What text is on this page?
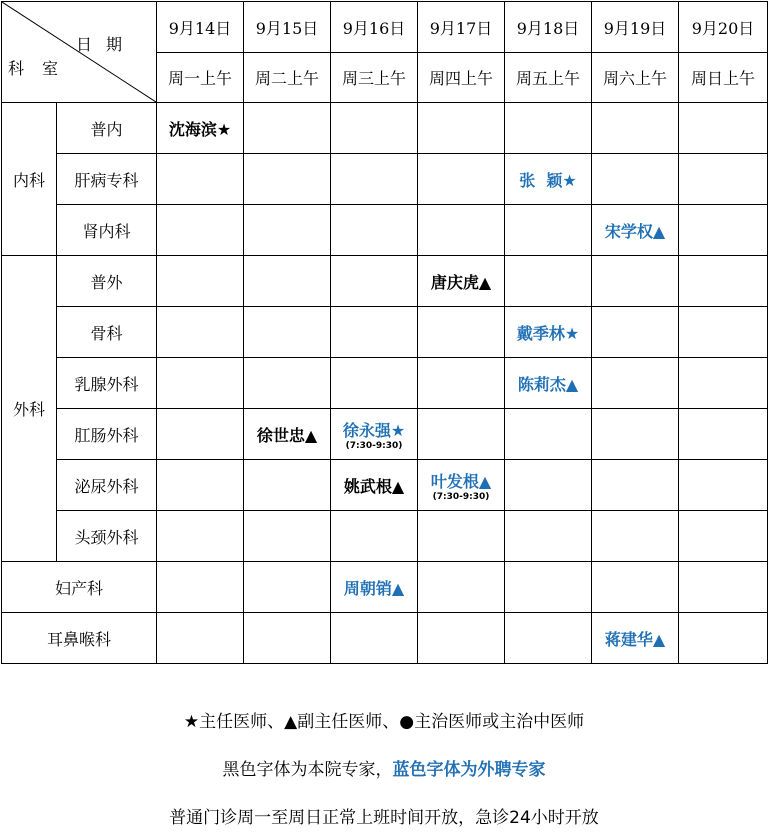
日期
科室		9月14日	9月15日	9月16日	9月17日	9月18日	9月19日	9月20日
		周一上午	周二上午	周三上午	周四上午	周五上午	周六上午	周日上午
内科	普内	沈海滨★						
	肝病专科					张  颖★		
	肾内科						宋学权▲	
外科	普外				唐庆虎▲			
	骨科					戴季林★		
	乳腺外科					陈莉杰▲		
	肛肠外科		徐世忠▲	徐永强★
(7:30-9:30)				

	泌尿外科			姚武根▲	叶发根▲
(7:30-9:30)			

	头颈外科							
妇产科				周朝销▲				
耳鼻喉科							蒋建华▲	
★主任医师、▲副主任医师、●主治医师或主治中医师
黑色字体为本院专家，蓝色字体为外聘专家
普通门诊周一至周日正常上班时间开放，急诊24小时开放
